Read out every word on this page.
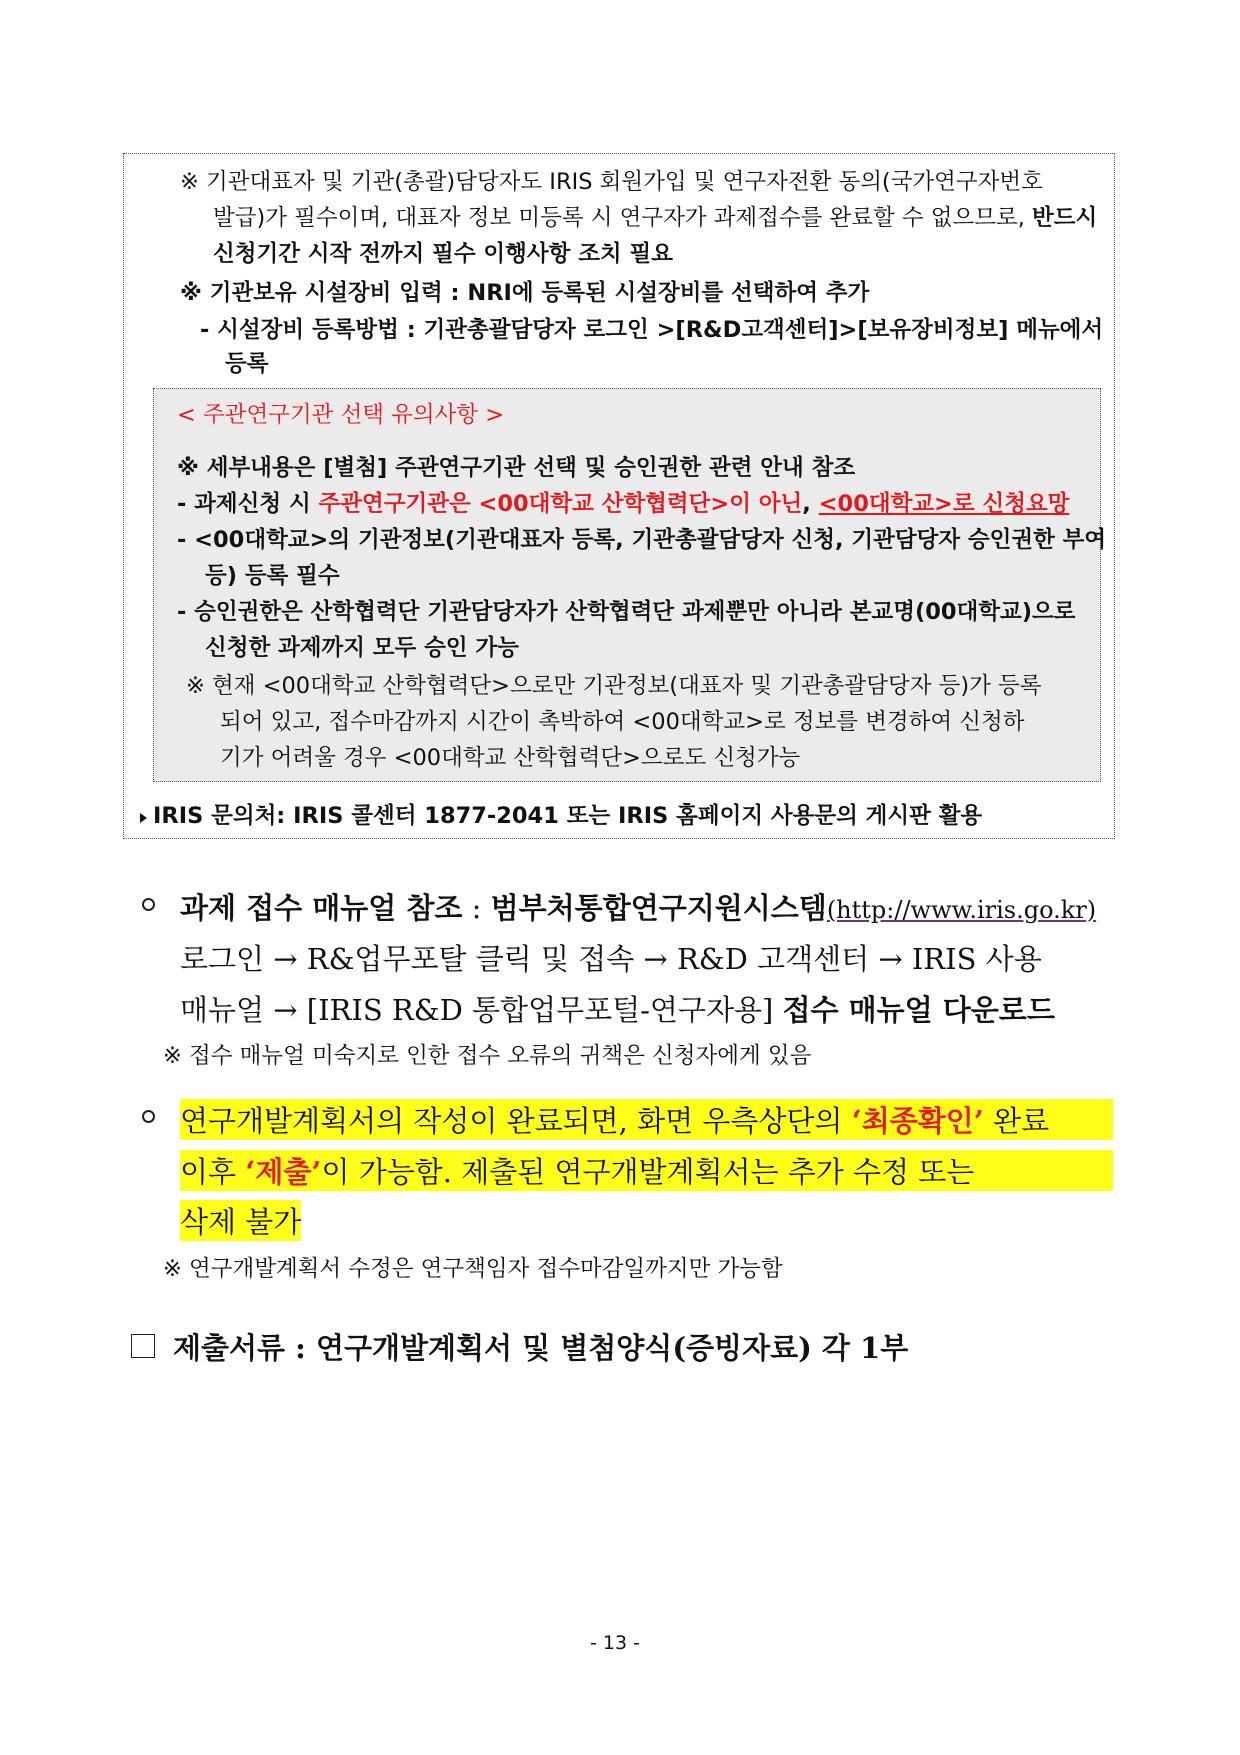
※ 기관대표자 및 기관(총괄)담당자도 IRIS 회원가입 및 연구자전환 동의(국가연구자번호
발급)가 필수이며, 대표자 정보 미등록 시 연구자가 과제접수를 완료할 수 없으므로, 반드시
신청기간 시작 전까지 필수 이행사항 조치 필요
※ 기관보유 시설장비 입력 : NRI에 등록된 시설장비를 선택하여 추가
- 시설장비 등록방법 : 기관총괄담당자 로그인 >[R&D고객센터]>[보유장비정보] 메뉴에서
등록
< 주관연구기관 선택 유의사항 >
※ 세부내용은 [별첨] 주관연구기관 선택 및 승인권한 관련 안내 참조
- 과제신청 시 주관연구기관은 <00대학교 산학협력단>이 아닌, <00대학교>로 신청요망
- <00대학교>의 기관정보(기관대표자 등록, 기관총괄담당자 신청, 기관담당자 승인권한 부여
등) 등록 필수
- 승인권한은 산학협력단 기관담당자가 산학협력단 과제뿐만 아니라 본교명(00대학교)으로
신청한 과제까지 모두 승인 가능
※ 현재 <00대학교 산학협력단>으로만 기관정보(대표자 및 기관총괄담당자 등)가 등록
되어 있고, 접수마감까지 시간이 촉박하여 <00대학교>로 정보를 변경하여 신청하
기가 어려울 경우 <00대학교 산학협력단>으로도 신청가능
IRIS 문의처: IRIS 콜센터 1877-2041 또는 IRIS 홈페이지 사용문의 게시판 활용
과제 접수 매뉴얼 참조 : 범부처통합연구지원시스템(http://www.iris.go.kr)
로그인 → R&업무포탈 클릭 및 접속 → R&D 고객센터 → IRIS 사용
매뉴얼 → [IRIS R&D 통합업무포털-연구자용] 접수 매뉴얼 다운로드
※ 접수 매뉴얼 미숙지로 인한 접수 오류의 귀책은 신청자에게 있음
연구개발계획서의 작성이 완료되면, 화면 우측상단의 ‘최종확인’ 완료
이후 ‘제출’이 가능함. 제출된 연구개발계획서는 추가 수정 또는
삭제 불가
※ 연구개발계획서 수정은 연구책임자 접수마감일까지만 가능함
제출서류 : 연구개발계획서 및 별첨양식(증빙자료) 각 1부
- 13 -
